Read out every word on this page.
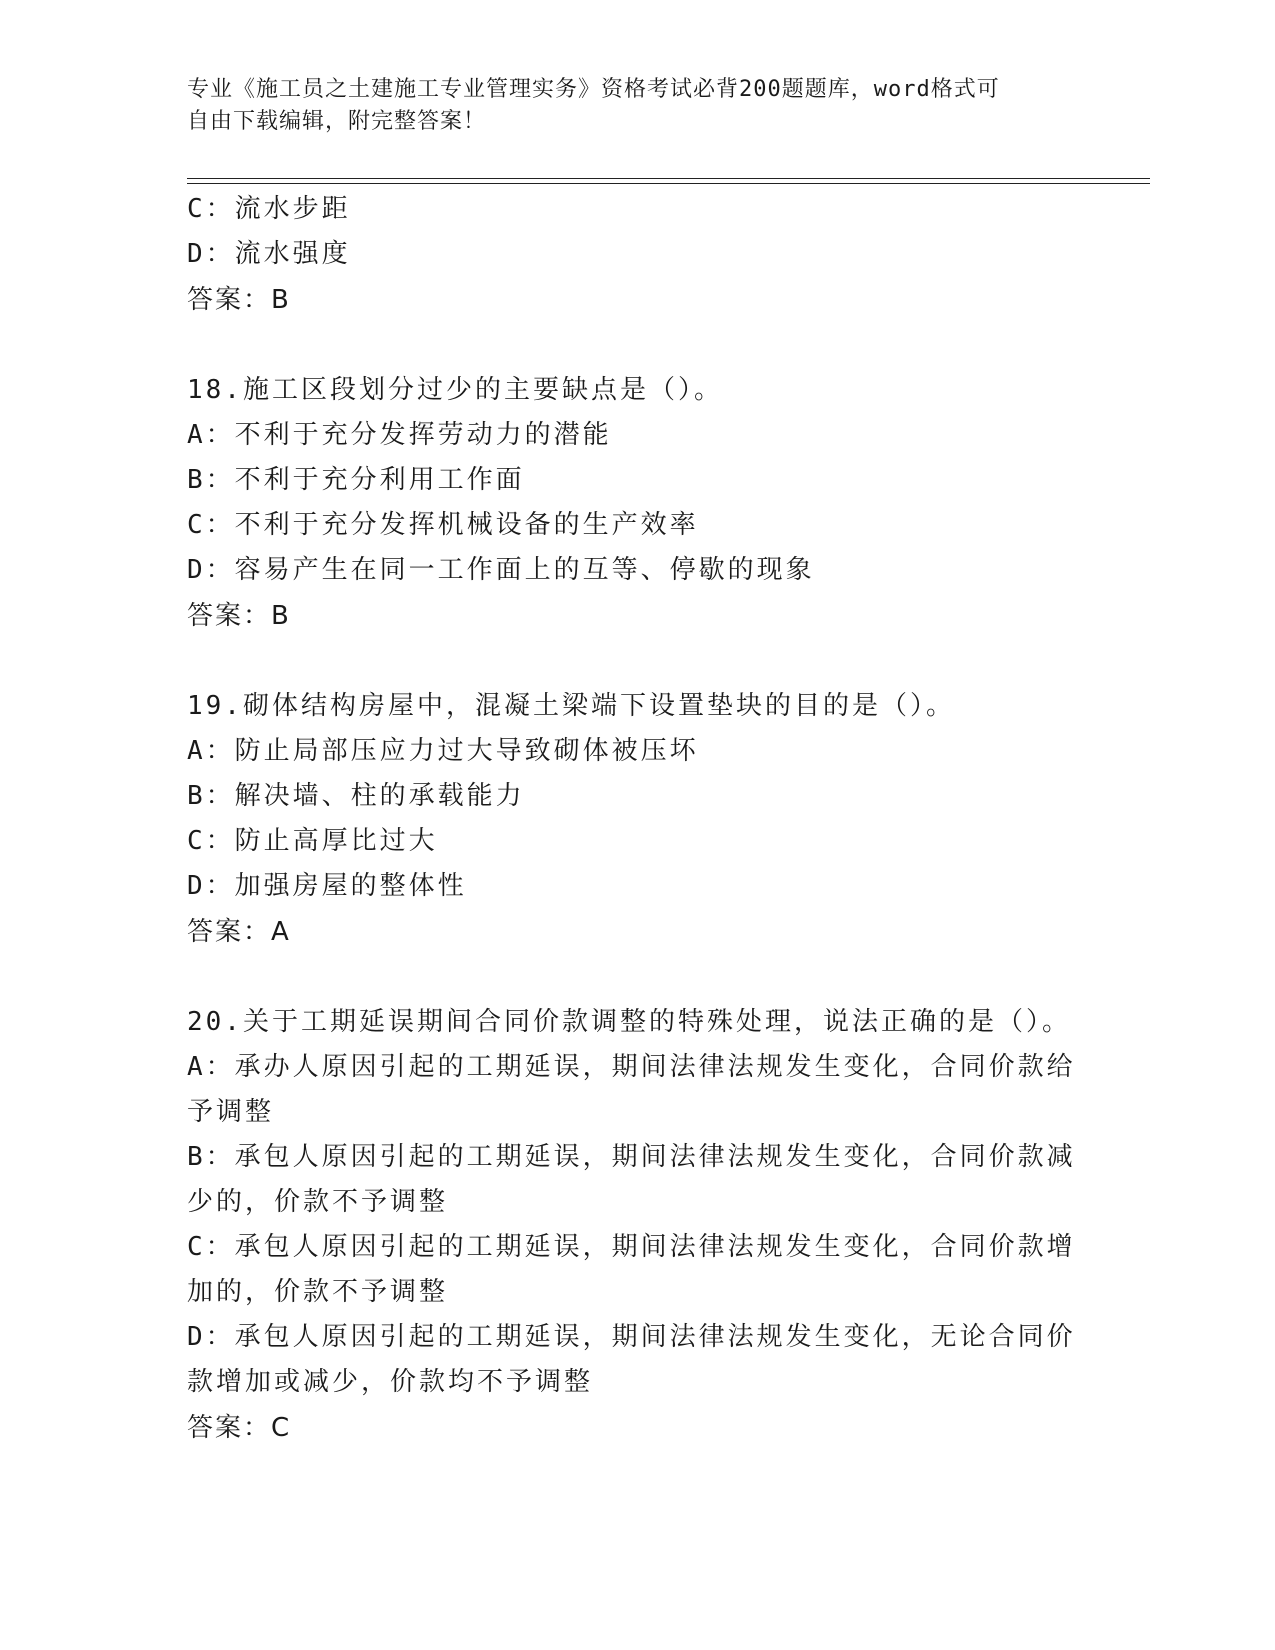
专业《施工员之土建施工专业管理实务》资格考试必背200题题库，word格式可
自由下载编辑，附完整答案！
C：流水步距
D：流水强度
答案：B
18.施工区段划分过少的主要缺点是（）。
A：不利于充分发挥劳动力的潜能
B：不利于充分利用工作面
C：不利于充分发挥机械设备的生产效率
D：容易产生在同一工作面上的互等、停歇的现象
答案：B
19.砌体结构房屋中，混凝土梁端下设置垫块的目的是（）。
A：防止局部压应力过大导致砌体被压坏
B：解决墙、柱的承载能力
C：防止高厚比过大
D：加强房屋的整体性
答案：A
20.关于工期延误期间合同价款调整的特殊处理，说法正确的是（）。
A：承办人原因引起的工期延误，期间法律法规发生变化，合同价款给
予调整
B：承包人原因引起的工期延误，期间法律法规发生变化，合同价款减
少的，价款不予调整
C：承包人原因引起的工期延误，期间法律法规发生变化，合同价款增
加的，价款不予调整
D：承包人原因引起的工期延误，期间法律法规发生变化，无论合同价
款增加或减少，价款均不予调整
答案：C
